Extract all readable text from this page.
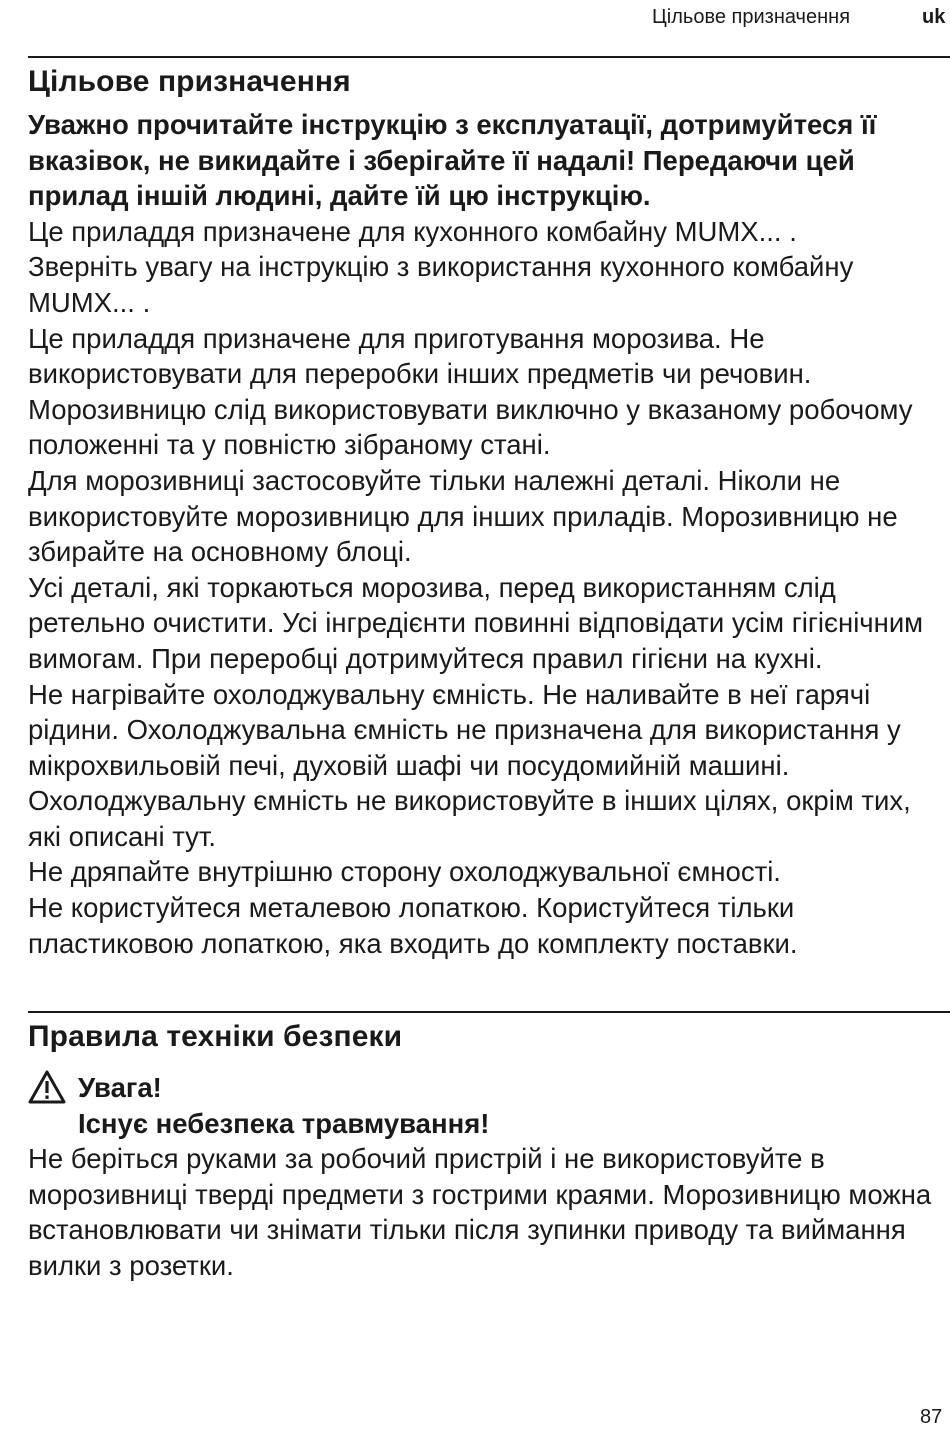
Цільове призначення	uk
Цільове призначення

Уважно прочитайте інструкцію з експлуатації, дотримуйтеся її вказівок, не викидайте і зберігайте її надалі! Передаючи цей прилад іншій людині, дайте їй цю інструкцію.

Це приладдя призначене для кухонного комбайну MUMX... .

Зверніть увагу на інструкцію з використання кухонного комбайну MUMX... .

Це приладдя призначене для приготування морозива. Не використовувати для переробки інших предметів чи речовин.

Морозивницю слід використовувати виключно у вказаному робочому положенні та у повністю зібраному стані.

Для морозивниці застосовуйте тільки належні деталі. Ніколи не використовуйте морозивницю для інших приладів. Морозивницю не збирайте на основному блоці.

Усі деталі, які торкаються морозива, перед використанням слід ретельно очистити. Усі інгредієнти повинні відповідати усім гігієнічним вимогам. При переробці дотримуйтеся правил гігієни на кухні.

Не нагрівайте охолоджувальну ємність. Не наливайте в неї гарячі рідини. Охолоджувальна ємність не призначена для використання у мікрохвильовій печі, духовій шафі чи посудомийній машині. Охолоджувальну ємність не використовуйте в інших цілях, окрім тих, які описані тут.

Не дряпайте внутрішню сторону охолоджувальної ємності.

Не користуйтеся металевою лопаткою. Користуйтеся тільки пластиковою лопаткою, яка входить до комплекту поставки.

Правила техніки безпеки
Увага!
Існує небезпека травмування!

Не беріться руками за робочий пристрій і не використовуйте в морозивниці тверді предмети з гострими краями. Морозивницю можна встановлювати чи знімати тільки після зупинки приводу та виймання вилки з розетки.

87
